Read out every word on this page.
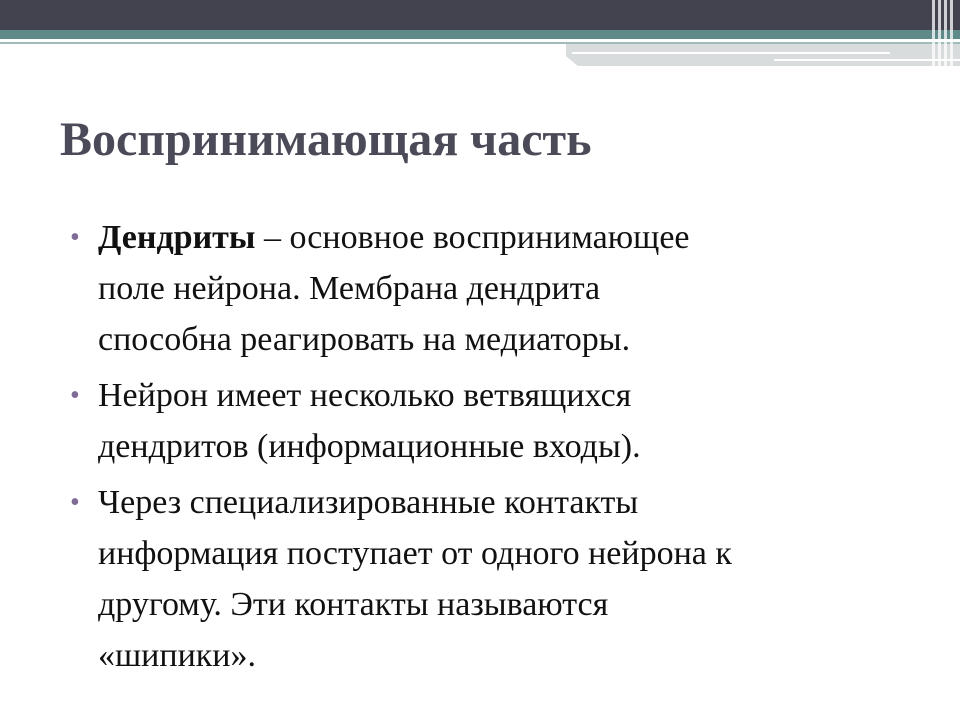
Воспринимающая часть
• Дендриты – основное воспринимающее
поле нейрона. Мембрана дендрита
способна реагировать на медиаторы.
• Нейрон имеет несколько ветвящихся
дендритов (информационные входы).
• Через специализированные контакты
информация поступает от одного нейрона к
другому. Эти контакты называются
«шипики».
